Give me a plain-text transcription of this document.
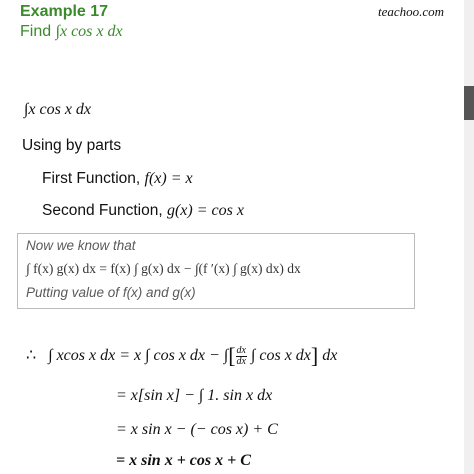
Example 17
Find ∫x cos x dx
teachoo.com
∫x cos x dx
Using by parts
First Function, f(x) = x
Second Function, g(x) = cos x
Now we know that
∫ f(x) g(x) dx = f(x) ∫ g(x) dx − ∫(f ′(x) ∫ g(x) dx) dx
Putting value of f(x) and g(x)
∴ ∫ xcos x dx = x ∫ cos x dx − ∫[ $\frac{dx}{dx}$ ∫ cos x dx] dx
= x[sin x] − ∫ 1. sin x dx
= x sin x − (− cos x) + C
= x sin x + cos x + C
